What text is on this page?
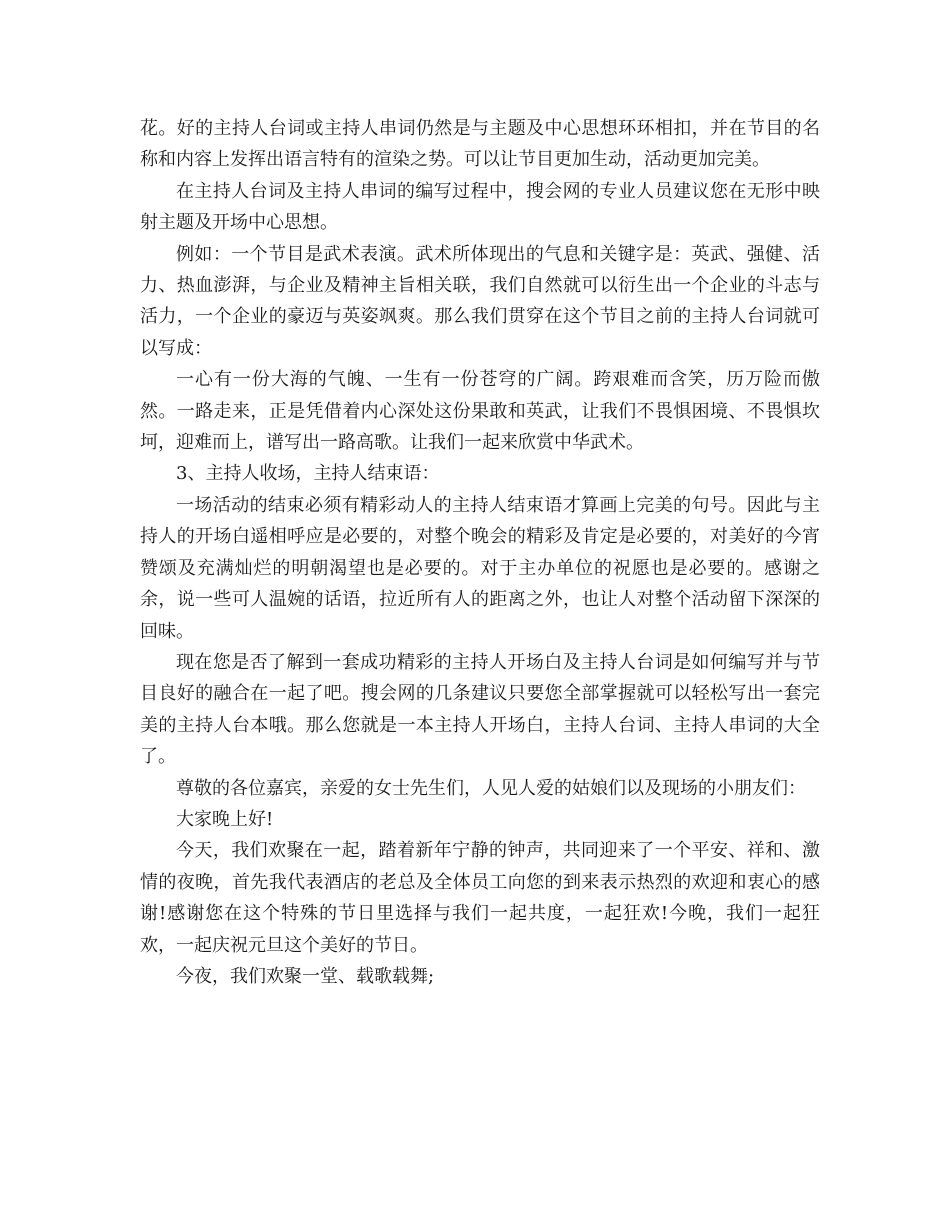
花。好的主持人台词或主持人串词仍然是与主题及中心思想环环相扣，并在节目的名称和内容上发挥出语言特有的渲染之势。可以让节目更加生动，活动更加完美。

在主持人台词及主持人串词的编写过程中，搜会网的专业人员建议您在无形中映射主题及开场中心思想。

例如：一个节目是武术表演。武术所体现出的气息和关键字是：英武、强健、活力、热血澎湃，与企业及精神主旨相关联，我们自然就可以衍生出一个企业的斗志与活力，一个企业的豪迈与英姿飒爽。那么我们贯穿在这个节目之前的主持人台词就可以写成：

一心有一份大海的气魄、一生有一份苍穹的广阔。跨艰难而含笑，历万险而傲然。一路走来，正是凭借着内心深处这份果敢和英武，让我们不畏惧困境、不畏惧坎坷，迎难而上，谱写出一路高歌。让我们一起来欣赏中华武术。

3、主持人收场，主持人结束语：

一场活动的结束必须有精彩动人的主持人结束语才算画上完美的句号。因此与主持人的开场白遥相呼应是必要的，对整个晚会的精彩及肯定是必要的，对美好的今宵赞颂及充满灿烂的明朝渴望也是必要的。对于主办单位的祝愿也是必要的。感谢之余，说一些可人温婉的话语，拉近所有人的距离之外，也让人对整个活动留下深深的回味。

现在您是否了解到一套成功精彩的主持人开场白及主持人台词是如何编写并与节目良好的融合在一起了吧。搜会网的几条建议只要您全部掌握就可以轻松写出一套完美的主持人台本哦。那么您就是一本主持人开场白，主持人台词、主持人串词的大全了。

尊敬的各位嘉宾，亲爱的女士先生们，人见人爱的姑娘们以及现场的小朋友们：

大家晚上好!

今天，我们欢聚在一起，踏着新年宁静的钟声，共同迎来了一个平安、祥和、激情的夜晚，首先我代表酒店的老总及全体员工向您的到来表示热烈的欢迎和衷心的感谢!感谢您在这个特殊的节日里选择与我们一起共度，一起狂欢!今晚，我们一起狂欢，一起庆祝元旦这个美好的节日。

今夜，我们欢聚一堂、载歌载舞;
